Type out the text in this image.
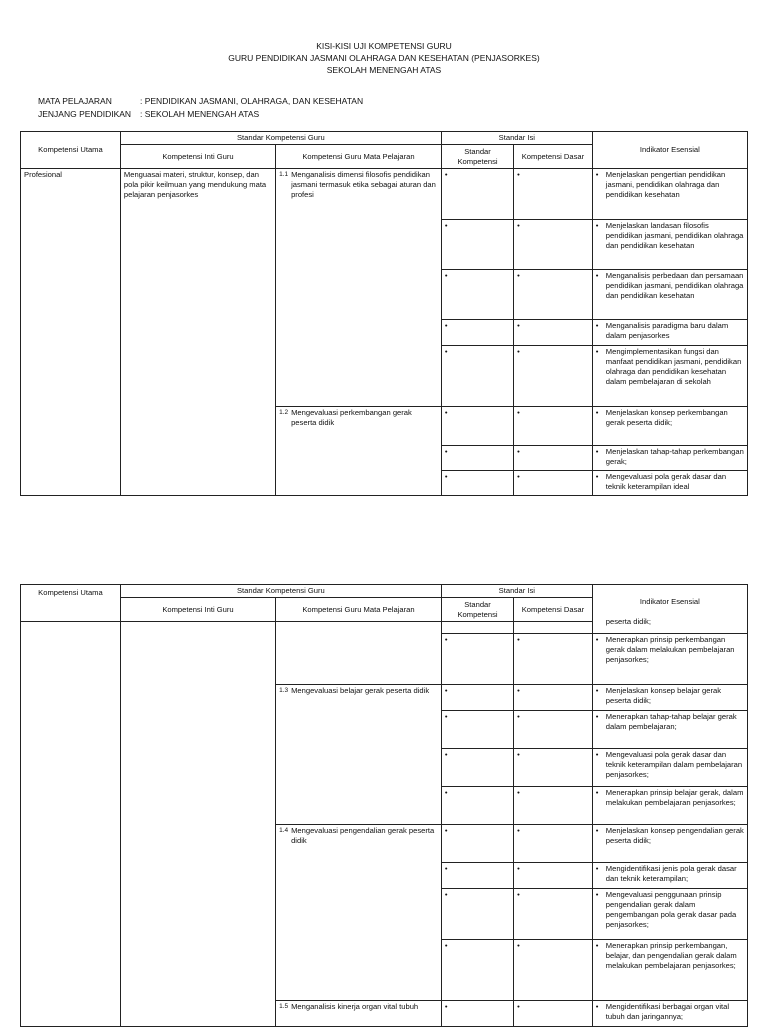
KISI-KISI UJI KOMPETENSI GURU
GURU PENDIDIKAN JASMANI OLAHRAGA DAN KESEHATAN (PENJASORKES)
SEKOLAH MENENGAH ATAS
MATA PELAJARAN	: PENDIDIKAN JASMANI, OLAHRAGA, DAN KESEHATAN
JENJANG PENDIDIKAN	: SEKOLAH MENENGAH ATAS
Kompetensi Utama	Standar Kompetensi Guru		Standar Isi		Indikator Esensial
	Kompetensi Inti Guru	Kompetensi Guru Mata Pelajaran	Standar Kompetensi	Kompetensi Dasar	
Profesional	Menguasai materi, struktur, konsep, dan pola pikir keilmuan yang mendukung mata pelajaran penjasorkes	1.1 Menganalisis dimensi filosofis pendidikan jasmani termasuk etika sebagai aturan dan profesi	•	•	• Menjelaskan pengertian pendidikan jasmani, pendidikan olahraga dan pendidikan kesehatan

			•	•	• Menjelaskan landasan filosofis pendidikan jasmani, pendidikan olahraga dan pendidikan kesehatan

			•	•	• Menganalisis perbedaan dan persamaan pendidikan jasmani, pendidikan olahraga dan pendidikan kesehatan

			•	•	• Menganalisis paradigma baru dalam dalam penjasorkes

			•	•	• Mengimplementasikan fungsi dan manfaat pendidikan jasmani, pendidikan olahraga dan pendidikan kesehatan dalam pembelajaran di sekolah

		1.2 Mengevaluasi perkembangan gerak peserta didik	•	•	• Menjelaskan konsep perkembangan gerak peserta didik;

			•	•	• Menjelaskan tahap-tahap perkembangan gerak;

			•	•	• Mengevaluasi pola gerak dasar dan teknik keterampilan ideal
Kompetensi Utama	Standar Kompetensi Guru		Standar Isi		Indikator Esensial
peserta didik;

	Kompetensi Inti Guru	Kompetensi Guru Mata Pelajaran	Standar Kompetensi	Kompetensi Dasar	

			•	•	• Menerapkan prinsip perkembangan gerak dalam melakukan pembelajaran penjasorkes;

		1.3 Mengevaluasi belajar gerak peserta didik	•	•	• Menjelaskan konsep belajar gerak peserta didik;

			•	•	• Menerapkan tahap-tahap belajar gerak dalam pembelajaran;

			•	•	• Mengevaluasi pola gerak dasar dan teknik keterampilan dalam pembelajaran penjasorkes;

			•	•	• Menerapkan prinsip belajar gerak, dalam melakukan pembelajaran penjasorkes;

		1.4 Mengevaluasi pengendalian gerak peserta didik	•	•	• Menjelaskan konsep pengendalian gerak peserta didik;

			•	•	• Mengidentifikasi jenis pola gerak dasar dan teknik keterampilan;

			•	•	• Mengevaluasi penggunaan prinsip pengendalian gerak dalam pengembangan pola gerak dasar pada penjasorkes;

			•	•	• Menerapkan prinsip perkembangan, belajar, dan pengendalian gerak dalam melakukan pembelajaran penjasorkes;

		1.5 Menganalisis kinerja organ vital tubuh	•	•	• Mengidentifikasi berbagai organ vital tubuh dan jaringannya;
